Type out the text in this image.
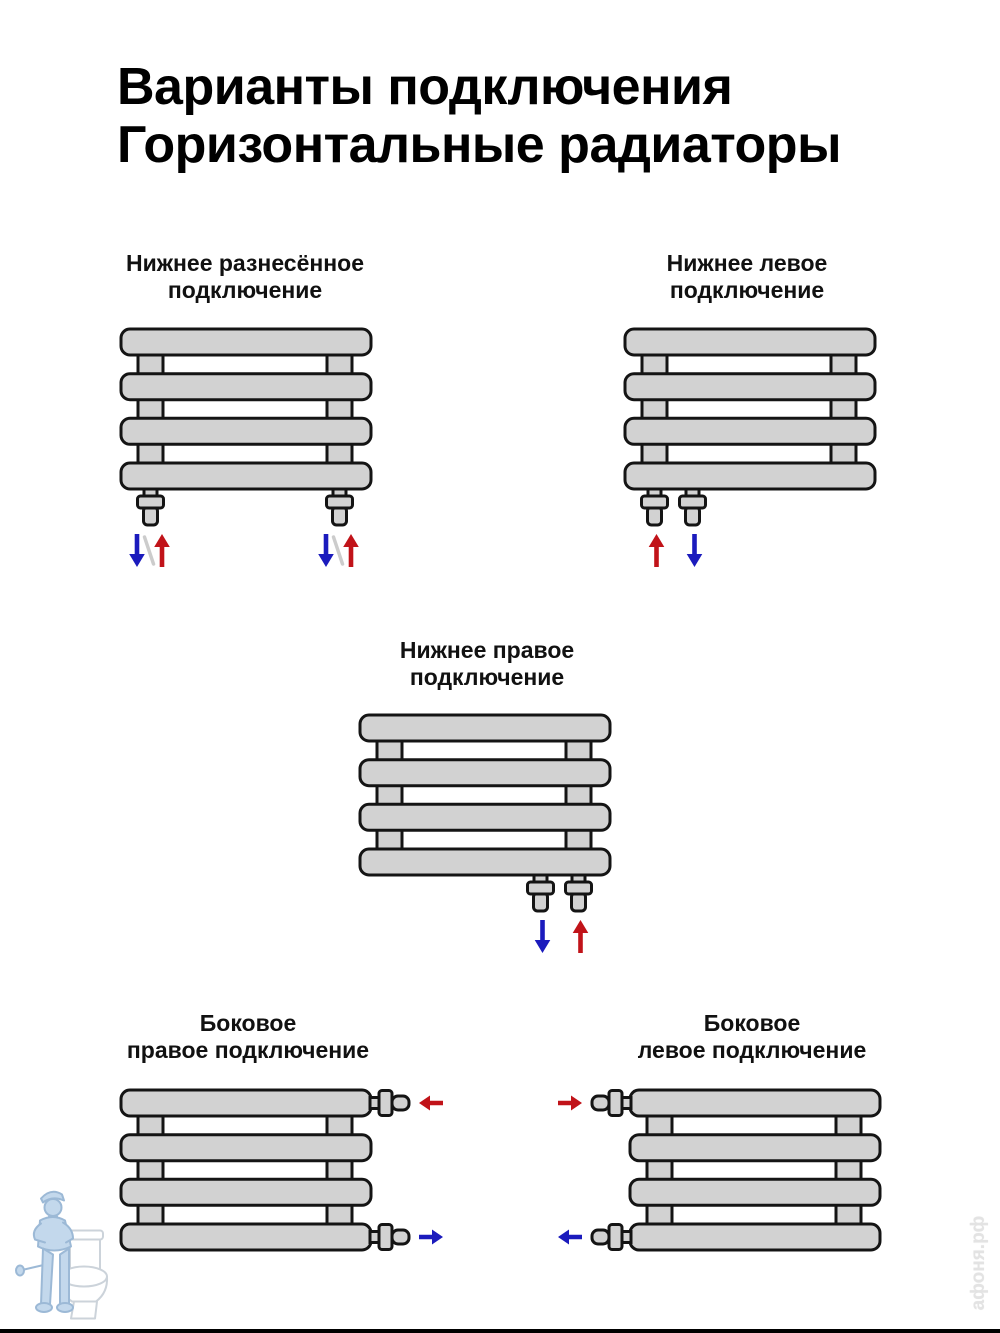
Варианты подключения
Горизонтальные радиаторы
Нижнее разнесённое
подключение
Нижнее левое
подключение
Нижнее правое
подключение
Боковое
правое подключение
Боковое
левое подключение
афоня.рф
